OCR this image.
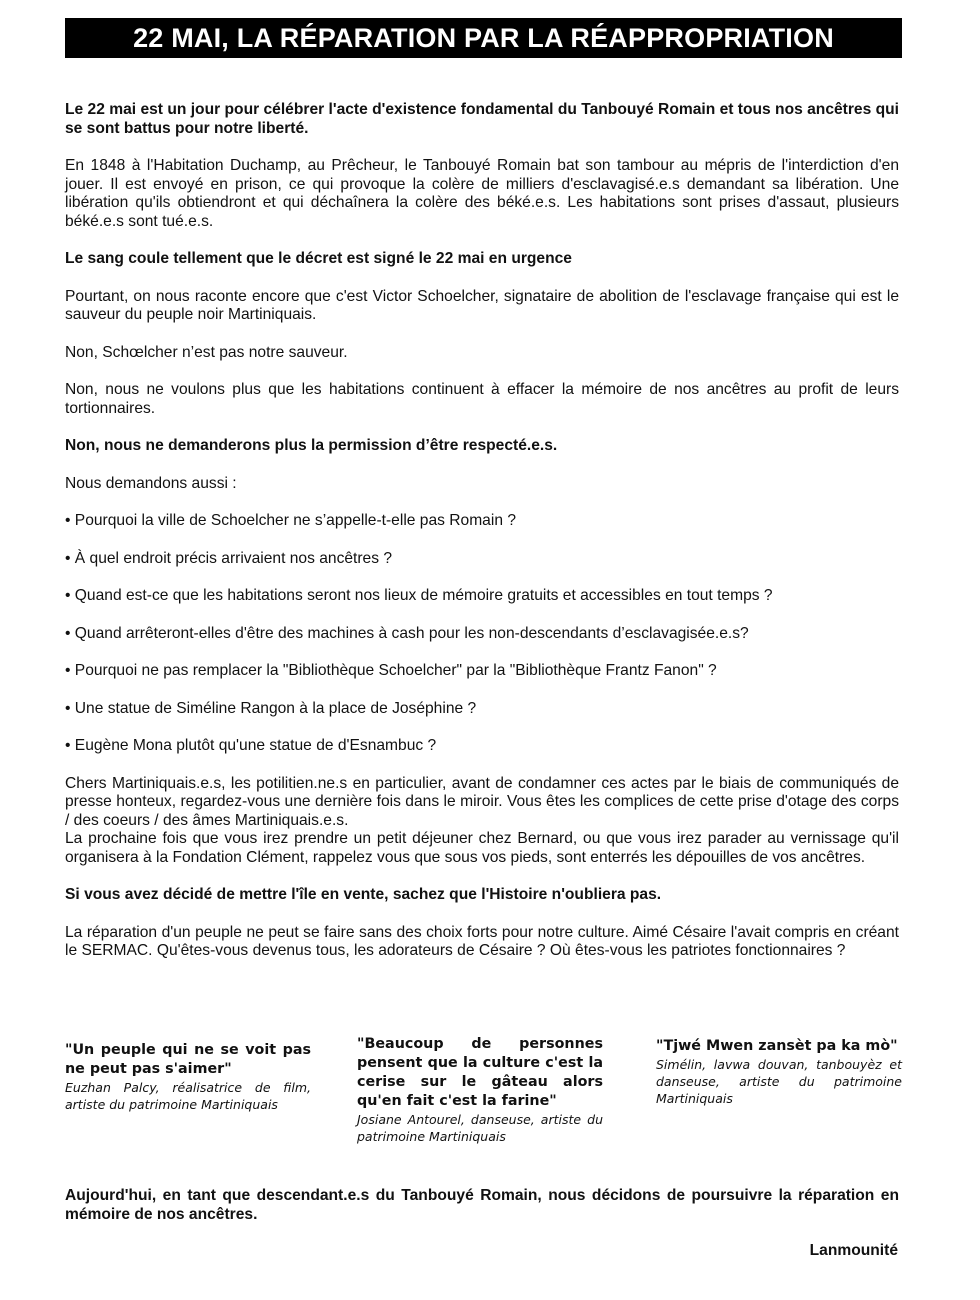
22 MAI, LA RÉPARATION PAR LA RÉAPPROPRIATION

Le 22 mai est un jour pour célébrer l'acte d'existence fondamental du Tanbouyé Romain et tous nos ancêtres qui se sont battus pour notre liberté.

En 1848 à l'Habitation Duchamp, au Prêcheur, le Tanbouyé Romain bat son tambour au mépris de l'interdiction d'en jouer. Il est envoyé en prison, ce qui provoque la colère de milliers d'esclavagisé.e.s demandant sa libération. Une libération qu'ils obtiendront et qui déchaînera la colère des béké.e.s. Les habitations sont prises d'assaut, plusieurs béké.e.s sont tué.e.s.

Le sang coule tellement que le décret est signé le 22 mai en urgence

Pourtant, on nous raconte encore que c'est Victor Schoelcher, signataire de abolition de l'esclavage française qui est le sauveur du peuple noir Martiniquais.

Non, Schœlcher n’est pas notre sauveur.

Non, nous ne voulons plus que les habitations continuent à effacer la mémoire de nos ancêtres au profit de leurs tortionnaires.

Non, nous ne demanderons plus la permission d’être respecté.e.s.

Nous demandons aussi :

• Pourquoi la ville de Schoelcher ne s’appelle-t-elle pas Romain ?
• À quel endroit précis arrivaient nos ancêtres ?
• Quand est-ce que les habitations seront nos lieux de mémoire gratuits et accessibles en tout temps ?
• Quand arrêteront-elles d'être des machines à cash pour les non-descendants d’esclavagisée.e.s?
• Pourquoi ne pas remplacer la "Bibliothèque Schoelcher" par la "Bibliothèque Frantz Fanon" ?
• Une statue de Siméline Rangon à la place de Joséphine ?
• Eugène Mona plutôt qu'une statue de d'Esnambuc ?

Chers Martiniquais.e.s, les potilitien.ne.s en particulier, avant de condamner ces actes par le biais de communiqués de presse honteux, regardez-vous une dernière fois dans le miroir. Vous êtes les complices de cette prise d'otage des corps / des coeurs / des âmes Martiniquais.e.s.

La prochaine fois que vous irez prendre un petit déjeuner chez Bernard, ou que vous irez parader au vernissage qu'il organisera à la Fondation Clément, rappelez vous que sous vos pieds, sont enterrés les dépouilles de vos ancêtres.

Si vous avez décidé de mettre l'île en vente, sachez que l'Histoire n'oubliera pas.

La réparation d'un peuple ne peut se faire sans des choix forts pour notre culture. Aimé Césaire l'avait compris en créant le SERMAC. Qu'êtes-vous devenus tous, les adorateurs de Césaire ? Où êtes-vous les patriotes fonctionnaires ?

"Un peuple qui ne se voit pas ne peut pas s'aimer"
Euzhan Palcy, réalisatrice de film, artiste du patrimoine Martiniquais
"Beaucoup de personnes pensent que la culture c'est la cerise sur le gâteau alors qu'en fait c'est la farine"
Josiane Antourel, danseuse, artiste du patrimoine Martiniquais
"Tjwé Mwen zansèt pa ka mò"
Simélin, lavwa douvan, tanbouyèz et danseuse, artiste du patrimoine Martiniquais
Aujourd'hui, en tant que descendant.e.s du Tanbouyé Romain, nous décidons de poursuivre la réparation en mémoire de nos ancêtres.
Lanmounité
